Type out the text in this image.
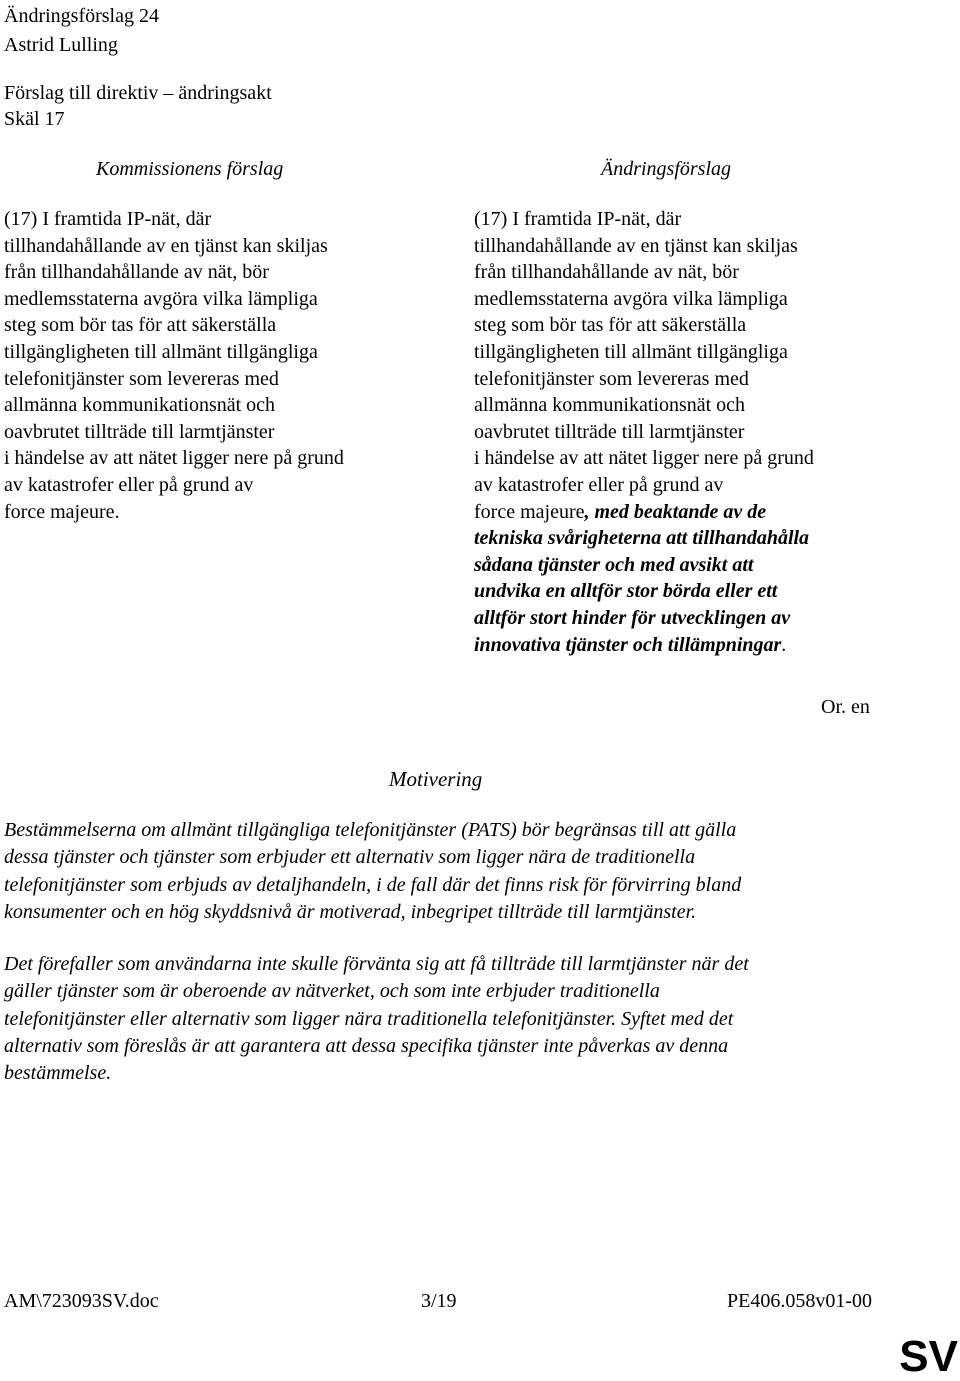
Ändringsförslag 24
Astrid Lulling
Förslag till direktiv – ändringsakt
Skäl 17
Kommissionens förslag	Ändringsförslag
(17) I framtida IP-nät, där
tillhandahållande av en tjänst kan skiljas
från tillhandahållande av nät, bör
medlemsstaterna avgöra vilka lämpliga
steg som bör tas för att säkerställa
tillgängligheten till allmänt tillgängliga
telefonitjänster som levereras med
allmänna kommunikationsnät och
oavbrutet tillträde till larmtjänster
i händelse av att nätet ligger nere på grund
av katastrofer eller på grund av
force majeure.
(17) I framtida IP-nät, där
tillhandahållande av en tjänst kan skiljas
från tillhandahållande av nät, bör
medlemsstaterna avgöra vilka lämpliga
steg som bör tas för att säkerställa
tillgängligheten till allmänt tillgängliga
telefonitjänster som levereras med
allmänna kommunikationsnät och
oavbrutet tillträde till larmtjänster
i händelse av att nätet ligger nere på grund
av katastrofer eller på grund av
force majeure, med beaktande av de
tekniska svårigheterna att tillhandahålla
sådana tjänster och med avsikt att
undvika en alltför stor börda eller ett
alltför stort hinder för utvecklingen av
innovativa tjänster och tillämpningar.
Or. en
Motivering
Bestämmelserna om allmänt tillgängliga telefonitjänster (PATS) bör begränsas till att gälla
dessa tjänster och tjänster som erbjuder ett alternativ som ligger nära de traditionella
telefonitjänster som erbjuds av detaljhandeln, i de fall där det finns risk för förvirring bland
konsumenter och en hög skyddsnivå är motiverad, inbegripet tillträde till larmtjänster.
Det förefaller som användarna inte skulle förvänta sig att få tillträde till larmtjänster när det
gäller tjänster som är oberoende av nätverket, och som inte erbjuder traditionella
telefonitjänster eller alternativ som ligger nära traditionella telefonitjänster. Syftet med det
alternativ som föreslås är att garantera att dessa specifika tjänster inte påverkas av denna
bestämmelse.
AM\723093SV.doc	3/19	PE406.058v01-00
SV
